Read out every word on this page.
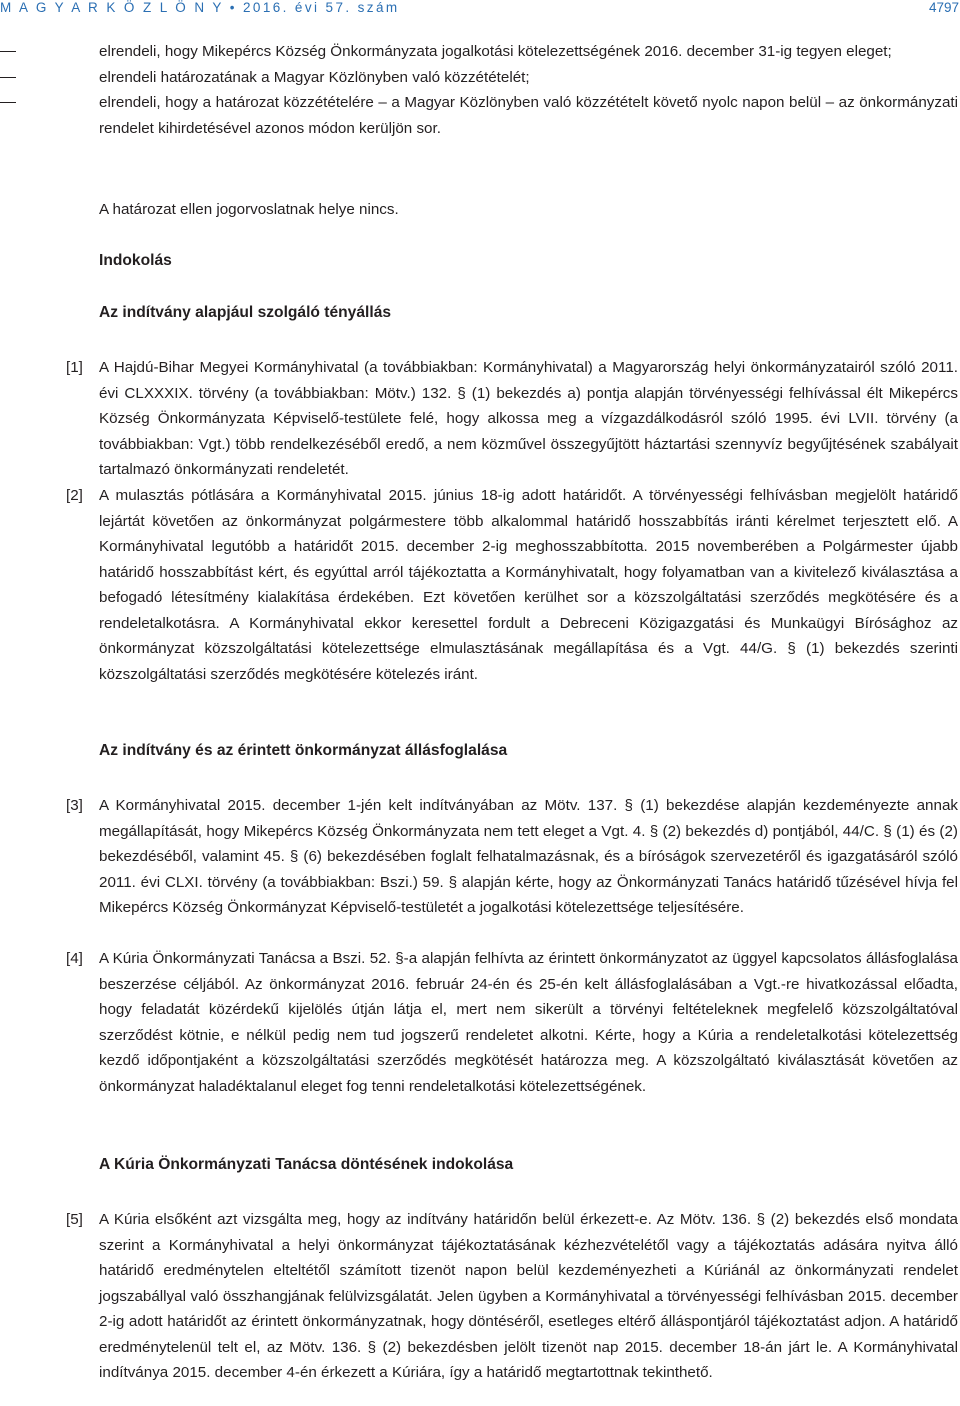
M A G Y A R K Ö Z L Ö N Y • 2016. évi 57. szám	4797
elrendeli, hogy Mikepércs Község Önkormányzata jogalkotási kötelezettségének 2016. december 31-ig tegyen eleget;
elrendeli határozatának a Magyar Közlönyben való közzétételét;
elrendeli, hogy a határozat közzétételére – a Magyar Közlönyben való közzétételt követő nyolc napon belül – az önkormányzati rendelet kihirdetésével azonos módon kerüljön sor.
A határozat ellen jogorvoslatnak helye nincs.
Indokolás
Az indítvány alapjául szolgáló tényállás
[1] A Hajdú-Bihar Megyei Kormányhivatal (a továbbiakban: Kormányhivatal) a Magyarország helyi önkormányzatairól szóló 2011. évi CLXXXIX. törvény (a továbbiakban: Mötv.) 132. § (1) bekezdés a) pontja alapján törvényességi felhívással élt Mikepércs Község Önkormányzata Képviselő-testülete felé, hogy alkossa meg a vízgazdálkodásról szóló 1995. évi LVII. törvény (a továbbiakban: Vgt.) több rendelkezéséből eredő, a nem közművel összegyűjtött háztartási szennyvíz begyűjtésének szabályait tartalmazó önkormányzati rendeletét.
[2] A mulasztás pótlására a Kormányhivatal 2015. június 18-ig adott határidőt. A törvényességi felhívásban megjelölt határidő lejártát követően az önkormányzat polgármestere több alkalommal határidő hosszabbítás iránti kérelmet terjesztett elő. A Kormányhivatal legutóbb a határidőt 2015. december 2-ig meghosszabbította. 2015 novemberében a Polgármester újabb határidő hosszabbítást kért, és egyúttal arról tájékoztatta a Kormányhivatalt, hogy folyamatban van a kivitelező kiválasztása a befogadó létesítmény kialakítása érdekében. Ezt követően kerülhet sor a közszolgáltatási szerződés megkötésére és a rendeletalkotásra. A Kormányhivatal ekkor keresettel fordult a Debreceni Közigazgatási és Munkaügyi Bírósághoz az önkormányzat közszolgáltatási kötelezettsége elmulasztásának megállapítása és a Vgt. 44/G. § (1) bekezdés szerinti közszolgáltatási szerződés megkötésére kötelezés iránt.
Az indítvány és az érintett önkormányzat állásfoglalása
[3] A Kormányhivatal 2015. december 1-jén kelt indítványában az Mötv. 137. § (1) bekezdése alapján kezdeményezte annak megállapítását, hogy Mikepércs Község Önkormányzata nem tett eleget a Vgt. 4. § (2) bekezdés d) pontjából, 44/C. § (1) és (2) bekezdéséből, valamint 45. § (6) bekezdésében foglalt felhatalmazásnak, és a bíróságok szervezetéről és igazgatásáról szóló 2011. évi CLXI. törvény (a továbbiakban: Bszi.) 59. § alapján kérte, hogy az Önkormányzati Tanács határidő tűzésével hívja fel Mikepércs Község Önkormányzat Képviselő-testületét a jogalkotási kötelezettsége teljesítésére.
[4] A Kúria Önkormányzati Tanácsa a Bszi. 52. §-a alapján felhívta az érintett önkormányzatot az üggyel kapcsolatos állásfoglalása beszerzése céljából. Az önkormányzat 2016. február 24-én és 25-én kelt állásfoglalásában a Vgt.-re hivatkozással előadta, hogy feladatát közérdekű kijelölés útján látja el, mert nem sikerült a törvényi feltételeknek megfelelő közszolgáltatóval szerződést kötnie, e nélkül pedig nem tud jogszerű rendeletet alkotni. Kérte, hogy a Kúria a rendeletalkotási kötelezettség kezdő időpontjaként a közszolgáltatási szerződés megkötését határozza meg. A közszolgáltató kiválasztását követően az önkormányzat haladéktalanul eleget fog tenni rendeletalkotási kötelezettségének.
A Kúria Önkormányzati Tanácsa döntésének indokolása
[5] A Kúria elsőként azt vizsgálta meg, hogy az indítvány határidőn belül érkezett-e. Az Mötv. 136. § (2) bekezdés első mondata szerint a Kormányhivatal a helyi önkormányzat tájékoztatásának kézhezvételétől vagy a tájékoztatás adására nyitva álló határidő eredménytelen elteltétől számított tizenöt napon belül kezdeményezheti a Kúriánál az önkormányzati rendelet jogszabállyal való összhangjának felülvizsgálatát. Jelen ügyben a Kormányhivatal a törvényességi felhívásban 2015. december 2-ig adott határidőt az érintett önkormányzatnak, hogy döntéséről, esetleges eltérő álláspontjáról tájékoztatást adjon. A határidő eredménytelenül telt el, az Mötv. 136. § (2) bekezdésben jelölt tizenöt nap 2015. december 18-án járt le. A Kormányhivatal indítványa 2015. december 4-én érkezett a Kúriára, így a határidő megtartottnak tekinthető.
